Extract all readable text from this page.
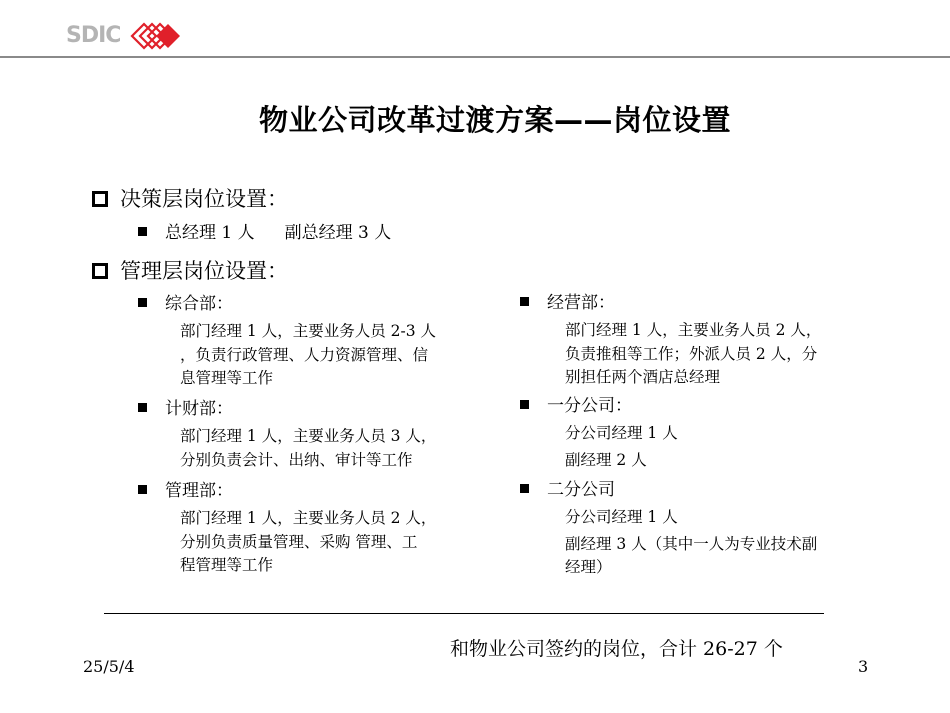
SDIC
物业公司改革过渡方案——岗位设置
决策层岗位设置：
总经理 1 人 副总经理 3 人
管理层岗位设置：
综合部：
部门经理 1 人，主要业务人员 2-3 人
，负责行政管理、人力资源管理、信
息管理等工作
计财部：
部门经理 1 人，主要业务人员 3 人，
分别负责会计、出纳、审计等工作
管理部：
部门经理 1 人，主要业务人员 2 人，
分别负责质量管理、采购 管理、工
程管理等工作
经营部：
部门经理 1 人，主要业务人员 2 人，
负责推租等工作；外派人员 2 人，分
别担任两个酒店总经理
一分公司：
分公司经理 1 人
副经理 2 人
二分公司
分公司经理 1 人
副经理 3 人（其中一人为专业技术副
经理）
和物业公司签约的岗位，合计 26-27 个
25/5/4	3
